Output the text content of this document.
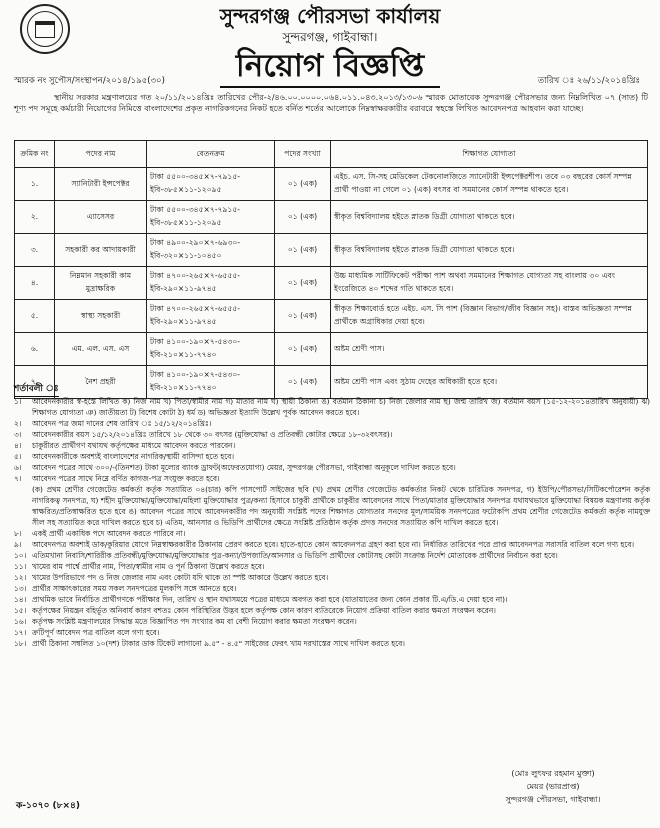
সুন্দরগঞ্জ পৌরসভা কার্যালয়
সুন্দরগঞ্জ, গাইবান্ধা।
স্মারক নং সুপৌস/সংস্থাপন/২০১৪/১৯৫(৩০)	নিয়োগ বিজ্ঞপ্তি	তারিখ ঃ ২৬/১১/২০১৪খ্রিঃ
স্থানীয় সরকার মন্ত্রণালয়ের গত ২০/১১/২০১৪খ্রিঃ তারিখের পৌর-২/৪৬.০০.০০০০.০৬৪.০১১.০৪৩.২০১৩/১৩০৬ স্মারক মোতাবেক সুন্দরগঞ্জ পৌরসভার জন্য নিম্নলিখিত ০৭ (সাত) টি শূণ্য পদ সমূহে কর্মচারী নিয়োগের নিমিত্তে বাংলাদেশের প্রকৃত নাগরিকগনের নিকট হতে বর্নিত শর্তের আলোকে নিম্নস্বাক্ষরকারীর বরাবরে স্বহস্তে লিখিত আবেদনপত্র আহবান করা যাচ্ছে।
ক্রমিক নং	পদের নাম	বেতনক্রম	পদের সংখ্যা	শিক্ষাগত যোগ্যতা
১.	স্যানিটারী ইন্সপেক্টর	টাকা ৫৫০০-৩৪৫×৭-৭৯১৫-
ইবি-৩৮৫×১১-১২০৯৫	০১ (এক)	এইচ. এস. সি-সহ মেডিকেল টেকনোলজিতে স্যানেটারী ইন্সপেক্টরশীপ। তবে ০৩ বছরের কোর্স সম্পন্ন প্রার্থী পাওয়া না গেলে ০১ (এক) বৎসর বা সমমানের কোর্স সম্পন্ন থাকতে হবে।
২.	এ্যাসেসর	টাকা ৫৫০০-৩৪৫×৭-৭৯১৫-
ইবি-৩৮৫×১১-১২০৯৫	০১ (এক)	স্বীকৃত বিশ্ববিদ্যালয় হইতে স্নাতক ডিগ্রী যোগ্যতা থাকতে হবে।
৩.	সহকারী কর আদায়কারী	টাকা ৪৯০০-২৯০×৭-৬৯৩০-
ইবি-৩২০×১১-১০৪৫০	০১ (এক)	স্বীকৃত বিশ্ববিদ্যালয় হইতে স্নাতক ডিগ্রী যোগ্যতা থাকতে হবে।
৪.	নিম্নমান সহকারী কাম মুদ্রাক্ষরিক	টাকা ৪৭০০-২৬৫×৭-৬৫৫৫-
ইবি-২৯০×১১-৯৭৪৫	০১ (এক)	উচ্চ মাধ্যমিক সার্টিফিকেট পরীক্ষা পাশ অথবা সমমানের শিক্ষাগত যোগ্যতা সহ বাংলায় ৩০ এবং ইংরেজিতে ৪০ শব্দের গতি থাকতে হবে।
৫.	স্বাস্থ্য সহকারী	টাকা ৪৭০০-২৬৫×৭-৬৫৫৫-
ইবি-২৯০×১১-৯৭৪৫	০১ (এক)	স্বীকৃত শিক্ষাবোর্ড হতে এইচ. এস. সি পাশ (বিজ্ঞান বিভাগ/জীব বিজ্ঞান সহ)। বাস্তব অভিজ্ঞতা সম্পন্ন প্রার্থীকে অগ্রাধিকার দেয়া হবে।
৬.	এম. এল. এস. এস	টাকা ৪১০০-১৯০×৭-৫৪৩০-
ইবি-২১০×১১-৭৭৪০	০১ (এক)	অষ্টম শ্রেণী পাস।
৭.	নৈশ প্রহরী	টাকা ৪১০০-১৯০×৭-৫৪৩০-
ইবি-২১০×১১-৭৭৪০	০১ (এক)	অষ্টম শ্রেণী পাস এবং সুঠাম দেহের অধিকারী হতে হবে।
শর্তাবলী ঃ
১।	আবেদনকারীর স্ব-হস্তে লিখিত ক) নিজ নাম খ) পিতা/স্বামীর নাম গ) মাতার নাম ঘ) স্থায়ী ঠিকানা ঙ) বর্তমান ঠিকানা চ) নিজ জেলার নাম ছ) জন্ম তারিখ জ) বর্তমান বয়স (১৫-১২-২০১৪তারিখ অনুযায়ী) ঝ) শিক্ষাগত যোগ্যতা ঞ) জাতীয়তা ট) বিশেষ কোটা ঠ) ধর্ম ড) অভিজ্ঞতা ইত্যাদি উল্লেখ পূর্বক আবেদন করতে হবে।
২।	আবেদন পত্র জমা দানের শেষ তারিখ ঃ ১৫/১২/২০১৪খ্রিঃ।
৩।	আবেদনকারীর বয়স ১৫/১২/২০১৪খ্রিঃ তারিখে ১৮ থেকে ৩০ বৎসর (মুক্তিযোদ্ধা ও প্রতিবন্ধী কোটার ক্ষেত্রে ১৮-৩২বৎসর)।
৪।	চাকুরীরত প্রার্থীগণ যথাযথ কর্তৃপক্ষের মাধ্যমে আবেদন করতে পারবেন।
৫।	আবেদনকারীকে অবশ্যই বাংলাদেশের নাগরিক/স্থায়ী বাসিন্দা হতে হবে।
৬।	আবেদন পত্রের সাথে ৩০০/-(তিনশত) টাকা মূল্যের ব্যাংক ড্রাফট(অফেরতযোগ্য) মেয়র, সুন্দরগঞ্জ পৌরসভা, গাইবান্ধা অনুকূলে দাখিল করতে হবে।
৭।	আবেদন পত্রের সাথে নিম্নে বর্ণিত কাগজ-পত্র সংযুক্ত করতে হবে।
(ক) প্রথম শ্রেণীর গেজেটেড কর্মকর্তা কর্তৃক সত্যায়িত ০৪(চার) কপি পাসপোর্ট সাইজের ছবি (খ) প্রথম শ্রেণীর গেজেটেড কর্মকর্তার নিকট থেকে চারিত্রিক সনদপত্র, গ) ইউপি/পৌরসভা/সিটিকর্পোরেশন কর্তৃক নাগরিকত্ব সনদপত্র, ঘ) শহীদ মুক্তিযোদ্ধা/মুক্তিযোদ্ধা/মহিলা মুক্তিযোদ্ধার পুত্র/কন্যা হিসাবে চাকুরী প্রার্থীকে চাকুরীর আবেদনের সাথে পিতা/মাতার মুক্তিযোদ্ধার সনদপত্র যথাযথভাবে মুক্তিযোদ্ধা বিষয়ক মন্ত্রণালয় কর্তৃক স্বাক্ষরিত/প্রতিস্বাক্ষরিত হতে হবে ঙ) আবেদন পত্রের সাথে আবেদনকারীর পদ অনুযায়ী সংশ্লিষ্ট পদের শিক্ষাগত যোগ্যতার সনদের মূল/সাময়িক সনদপত্রের ফটোকপি প্রথম শ্রেণীর গেজেটেড কর্মকর্তা কর্তৃক নামযুক্ত সীল সহ সত্যায়িত করে দাখিল করতে হবে চ) এতিম, আনসার ও ভিডিপি প্রার্থীদের ক্ষেত্রে সংশ্লিষ্ট প্রতিষ্ঠান কর্তৃক প্রদত্ত সনদের সত্যায়িত কপি দাখিল করতে হবে।
৮।	একই প্রার্থী একাধিক পদে আবেদন করতে পারিবে না।
৯।	আবেদনপত্র অবশ্যই ডাক/কুরিয়ার যোগে নিম্নস্বাক্ষরকারীর ঠিকানায় প্রেরণ করতে হবে। হাতে-হাতে কোন আবেদনপত্র গ্রহণ করা হবে না। নির্ধারিত তারিখের পরে প্রাপ্ত আবেদনপত্র সরাসরি বাতিল বলে গণ্য হবে।
১০। এতিমখানা নিবাসি/শারিরীক প্রতিবন্ধী/মুক্তিযোদ্ধা/মুক্তিযোদ্ধার পুত্র-কন্যা/উপজাতি/আনসার ও ভিডিপি প্রার্থীদের কোটাসহ কোটা সংক্রান্ত নির্দেশ মোতাবেক প্রার্থীদের নির্বাচন করা হবে।
১১। খামের বাম পার্শ্বে প্রার্থীর নাম, পিতা/স্বামীর নাম ও পূর্ন ঠিকানা উল্লেখ করতে হবে।
১২। খামের উপরিভাগে পদ ও নিজ জেলার নাম এবং কোটা যদি থাকে তা স্পষ্ট আকারে উল্লেখ করতে হবে।
১৩। প্রার্থীর সাক্ষাৎকারের সময় সকল সনদপত্রের মূলকপি সঙ্গে আনতে হবে।
১৪। প্রাথমিক ভাবে নির্বাচিত প্রার্থীগণকে পরীক্ষার দিন, তারিখ ও স্থান যথাসময়ে পত্রের মাধ্যমে অবগত করা হবে (যাতায়াতের জন্য কোন প্রকার টি.এ/ডি.এ দেয়া হবে না)।
১৫। কর্তৃপক্ষের নিয়ন্ত্রন বহির্ভূত অনিবার্য কারণ বশতঃ কোন পরিস্থিতির উদ্ভব হলে কর্তৃপক্ষ কোন কারণ ব্যতিরেকে নিয়োগ প্রক্রিয়া বাতিল করার ক্ষমতা সংরক্ষন করেন।
১৬। কর্তৃপক্ষ সংশ্লিষ্ট মন্ত্রণালয়ের সিদ্ধান্ত মতে বিজ্ঞাপিত পদ সংখ্যার কম বা বেশী নিয়োগ করার ক্ষমতা সংরক্ষণ করেন।
১৭। ক্রটিপূর্ণ আবেদন পত্র বাতিল বলে গণ্য হবে।
১৮। প্রার্থী ঠিকানা সম্বলিত ১০(দশ) টাকার ডাক টিকেট লাগানো ৯.৫" - ৪.৫" সাইজের ফেরৎ খাম দরখাস্তের সাথে দাখিল করতে হবে।
(মোঃ লুৎফর রহমান মুক্তা)
মেয়র (ভারপ্রাপ্ত)
সুন্দরগঞ্জ পৌরসভা, গাইবান্ধা।
ক-১০৭০ (৮×৪)
